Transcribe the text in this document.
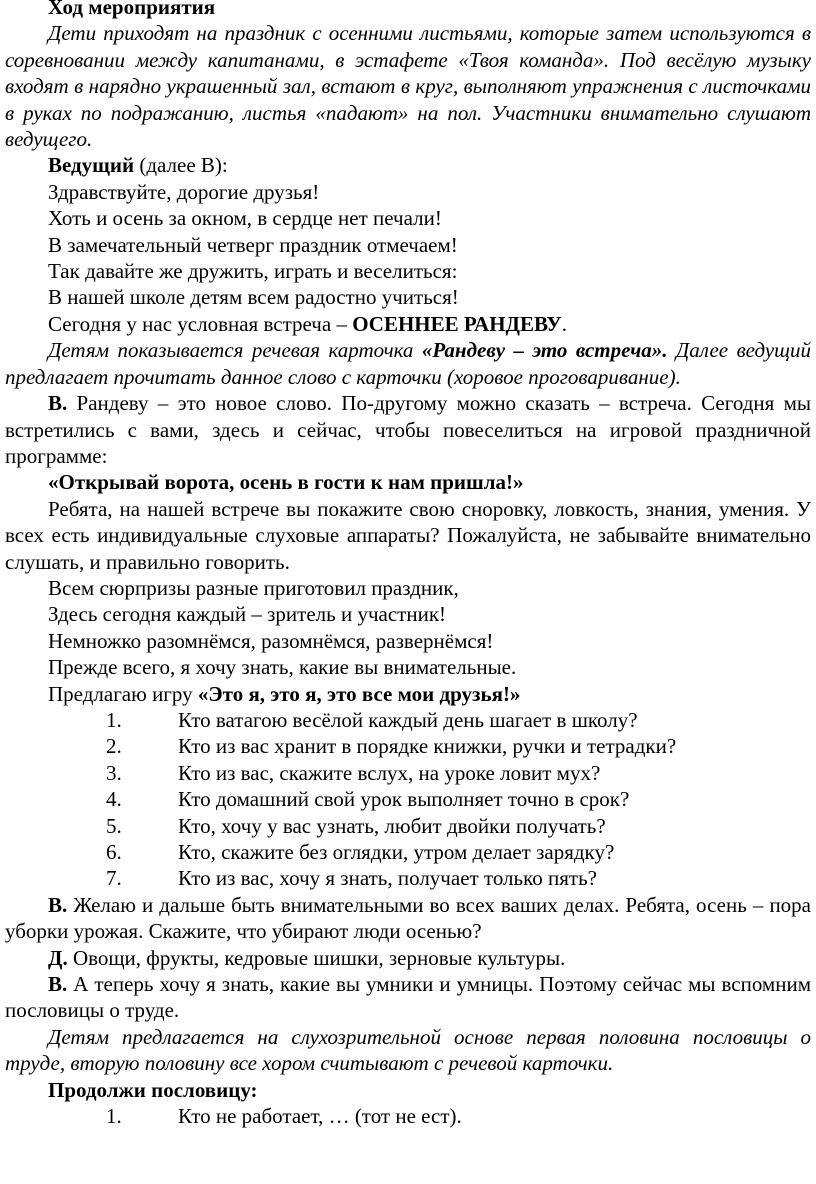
Ход мероприятия

Дети приходят на праздник с осенними листьями, которые затем используются в соревновании между капитанами, в эстафете «Твоя команда». Под весёлую музыку входят в нарядно украшенный зал, встают в круг, выполняют упражнения с листочками в руках по подражанию, листья «падают» на пол. Участники внимательно слушают ведущего.

Ведущий (далее В):

Здравствуйте, дорогие друзья!

Хоть и осень за окном, в сердце нет печали!

В замечательный четверг праздник отмечаем!

Так давайте же дружить, играть и веселиться:

В нашей школе детям всем радостно учиться!

Сегодня у нас условная встреча – ОСЕННЕЕ РАНДЕВУ.

Детям показывается речевая карточка «Рандеву – это встреча». Далее ведущий предлагает прочитать данное слово с карточки (хоровое проговаривание).

В. Рандеву – это новое слово. По-другому можно сказать – встреча. Сегодня мы встретились с вами, здесь и сейчас, чтобы повеселиться на игровой праздничной программе:

«Открывай ворота, осень в гости к нам пришла!»

Ребята, на нашей встрече вы покажите свою сноровку, ловкость, знания, умения. У всех есть индивидуальные слуховые аппараты? Пожалуйста, не забывайте внимательно слушать, и правильно говорить.

Всем сюрпризы разные приготовил праздник,

Здесь сегодня каждый – зритель и участник!

Немножко разомнёмся, разомнёмся, развернёмся!

Прежде всего, я хочу знать, какие вы внимательные.

Предлагаю игру «Это я, это я, это все мои друзья!»

1.	Кто ватагою весёлой каждый день шагает в школу?
2.	Кто из вас хранит в порядке книжки, ручки и тетрадки?
3.	Кто из вас, скажите вслух, на уроке ловит мух?
4.	Кто домашний свой урок выполняет точно в срок?
5.	Кто, хочу у вас узнать, любит двойки получать?
6.	Кто, скажите без оглядки, утром делает зарядку?
7.	Кто из вас, хочу я знать, получает только пять?

В. Желаю и дальше быть внимательными во всех ваших делах. Ребята, осень – пора уборки урожая. Скажите, что убирают люди осенью?

Д. Овощи, фрукты, кедровые шишки, зерновые культуры.

В. А теперь хочу я знать, какие вы умники и умницы. Поэтому сейчас мы вспомним пословицы о труде.

Детям предлагается на слухозрительной основе первая половина пословицы о труде, вторую половину все хором считывают с речевой карточки.

Продолжи пословицу:

1.	Кто не работает, … (тот не ест).
